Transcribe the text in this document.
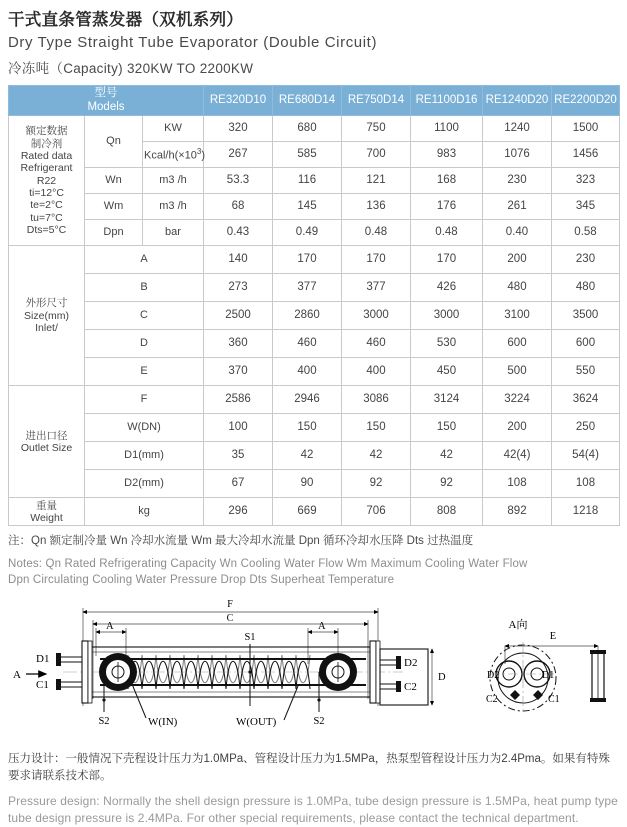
干式直条管蒸发器（双机系列）
Dry Type Straight Tube Evaporator (Double Circuit)
冷冻吨（Capacity) 320KW TO 2200KW
型号
Models			RE320D10	RE680D14	RE750D14	RE1100D16	RE1240D20	RE2200D20
额定数据
制冷剂
Rated data
Refrigerant
R22
ti=12°C
te=2°C
tu=7°C
Dts=5°C	Qn	KW	320	680	750	1100	1240	1500
		Kcal/$h(\times 10^3)$	267	585	700	983	1076	1456
	Wn	m3 /h	53.3	116	121	168	230	323
	Wm	m3 /h	68	145	136	176	261	345
	Dpn	bar	0.43	0.49	0.48	0.48	0.40	0.58
外形尺寸
Size(mm)
Inlet/	A		140	170	170	170	200	230
	B		273	377	377	426	480	480
	C		2500	2860	3000	3000	3100	3500
	D		360	460	460	530	600	600
	E		370	400	400	450	500	550
进出口径
Outlet Size	F		2586	2946	3086	3124	3224	3624
	W(DN)		100	150	150	150	200	250
	D1(mm)		35	42	42	42	42(4)	54(4)
	D2(mm)		67	90	92	92	108	108
重量
Weight	kg		296	669	706	808	892	1218
注：Qn 额定制冷量 Wn 冷却水流量 Wm 最大冷却水流量 Dpn 循环冷却水压降 Dts 过热温度
Notes: Qn Rated Refrigerating Capacity Wn Cooling Water Flow Wm Maximum Cooling Water Flow
Dpn Circulating Cooling Water Pressure Drop Dts Superheat Temperature
F
C
A	A
D1
C1
A
D2
C2
D
S1
S2	S2
W(IN)	W(OUT)
A向
E
D2	D1
C2	C1
压力设计：一般情况下壳程设计压力为1.0MPa、管程设计压力为1.5MPa，热泵型管程设计压力为2.4Pma。如果有特殊要求请联系技术部。
Pressure design: Normally the shell design pressure is 1.0MPa, tube design pressure is 1.5MPa, heat pump type tube design pressure is 2.4MPa. For other special requirements, please contact the technical department.
